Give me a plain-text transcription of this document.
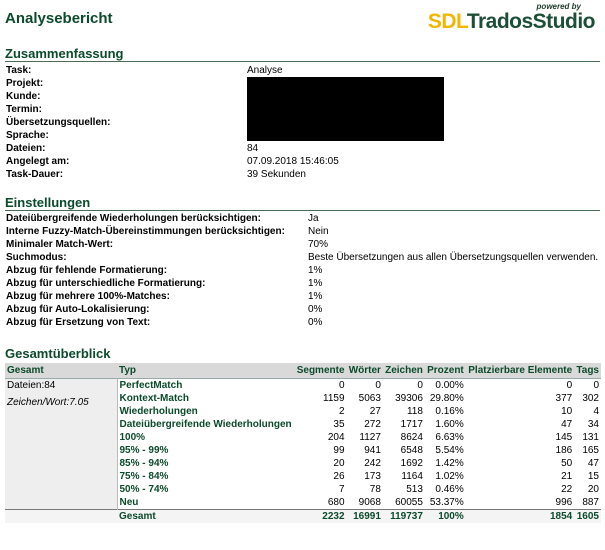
Analysebericht
powered by
SDLTradosStudio
Zusammenfassung
Task:	Analyse
Projekt:
Kunde:
Termin:
Übersetzungsquellen:
Sprache:
Dateien:	84
Angelegt am:	07.09.2018 15:46:05
Task-Dauer:	39 Sekunden
Einstellungen
Dateiübergreifende Wiederholungen berücksichtigen:	Ja
Interne Fuzzy-Match-Übereinstimmungen berücksichtigen: Nein
Minimaler Match-Wert:	70%
Suchmodus:	Beste Übersetzungen aus allen Übersetzungsquellen verwenden.
Abzug für fehlende Formatierung:	1%
Abzug für unterschiedliche Formatierung:	1%
Abzug für mehrere 100%-Matches:	1%
Abzug für Auto-Lokalisierung:	0%
Abzug für Ersetzung von Text:	0%
Gesamtüberblick
Gesamt	Typ	Segmente	Wörter	Zeichen	Prozent	Platzierbare Elemente	Tags

Dateien:84
Zeichen/Wort:7.05	PerfectMatch	0	0	0	0.00%	0	0
	Kontext-Match	1159	5063	39306	29.80%	377	302
	Wiederholungen	2	27	118	0.16%	10	4
	Dateiübergreifende Wiederholungen	35	272	1717	1.60%	47	34
	100%	204	1127	8624	6.63%	145	131
	95% - 99%	99	941	6548	5.54%	186	165
	85% - 94%	20	242	1692	1.42%	50	47
	75% - 84%	26	173	1164	1.02%	21	15
	50% - 74%	7	78	513	0.46%	22	20
	Neu	680	9068	60055	53.37%	996	887
	Gesamt	2232	16991	119737	100%	1854	1605
